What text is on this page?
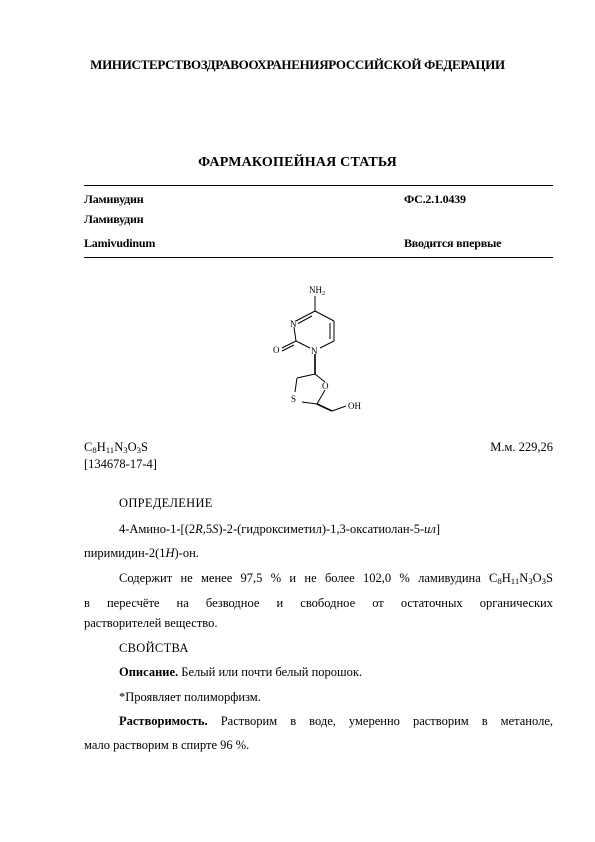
МИНИСТЕРСТВОЗДРАВООХРАНЕНИЯРОССИЙСКОЙ ФЕДЕРАЦИИ
ФАРМАКОПЕЙНАЯ СТАТЬЯ
Ламивудин	ФС.2.1.0439
Ламивудин
Lamivudinum	Вводится впервые
$NH_2$
N
N
O
O
S
OH
$C_8H_{11}N_3O_3S$
[134678-17-4]
М.м. 229,26
ОПРЕДЕЛЕНИЕ
4-Амино-1-[(2R,5S)-2-(гидроксиметил)-1,3-оксатиолан-5-ил]
пиримидин-2(1H)-он.
Содержит не менее 97,5 % и не более 102,0 % ламивудина $C_8H_{11}N_3O_3S$
в пересчёте на безводное и свободное от остаточных органических
растворителей вещество.
СВОЙСТВА
Описание. Белый или почти белый порошок.
*Проявляет полиморфизм.
Растворимость. Растворим в воде, умеренно растворим в метаноле,
мало растворим в спирте 96 %.
